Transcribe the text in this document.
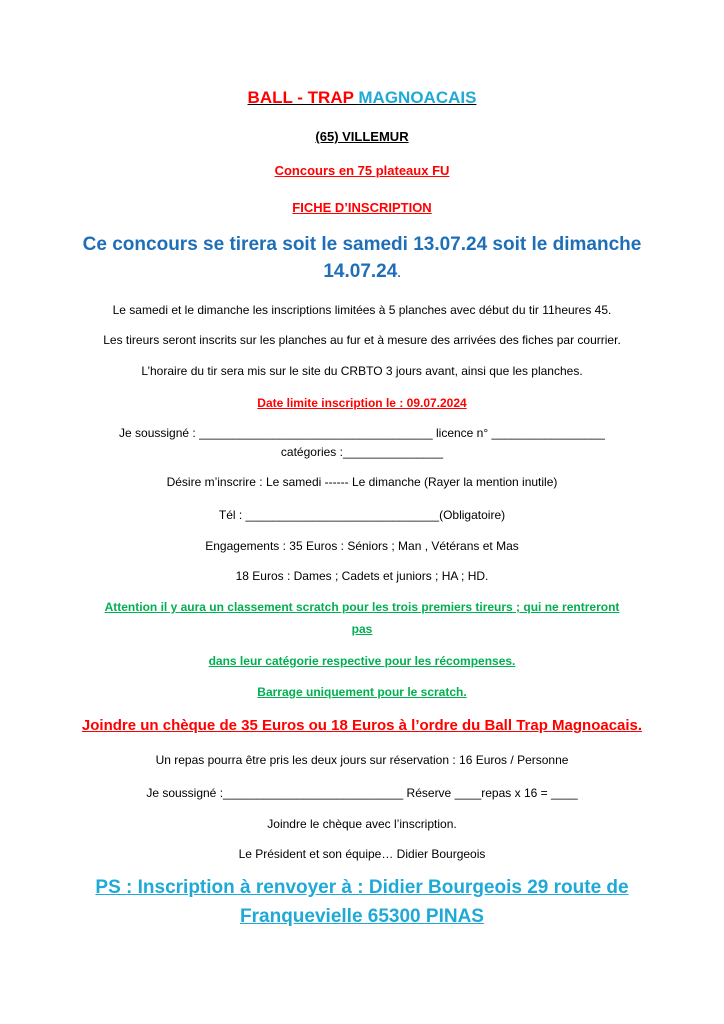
BALL - TRAP MAGNOACAIS
(65) VILLEMUR
Concours en 75 plateaux FU
FICHE D’INSCRIPTION
Ce concours se tirera soit le samedi 13.07.24 soit le dimanche
14.07.24.
Le samedi et le dimanche les inscriptions limitées à 5 planches avec début du tir 11heures 45.
Les tireurs seront inscrits sur les planches au fur et à mesure des arrivées des fiches par courrier.
L’horaire du tir sera mis sur le site du CRBTO 3 jours avant, ainsi que les planches.
Date limite inscription le : 09.07.2024
Je soussigné : ___________________________________ licence n° _________________
catégories :_______________
Désire m’inscrire : Le samedi ------ Le dimanche (Rayer la mention inutile)
Tél : _____________________________(Obligatoire)
Engagements : 35 Euros : Séniors ; Man , Vétérans et Mas
18 Euros : Dames ; Cadets et juniors ; HA ; HD.
Attention il y aura un classement scratch pour les trois premiers tireurs ; qui ne rentreront
pas
dans leur catégorie respective pour les récompenses.
Barrage uniquement pour le scratch.
Joindre un chèque de 35 Euros ou 18 Euros à l’ordre du Ball Trap Magnoacais.
Un repas pourra être pris les deux jours sur réservation : 16 Euros / Personne
Je soussigné :___________________________ Réserve ____repas x 16 = ____
Joindre le chèque avec l’inscription.
Le Président et son équipe… Didier Bourgeois
PS : Inscription à renvoyer à : Didier Bourgeois 29 route de
Franquevielle 65300 PINAS
